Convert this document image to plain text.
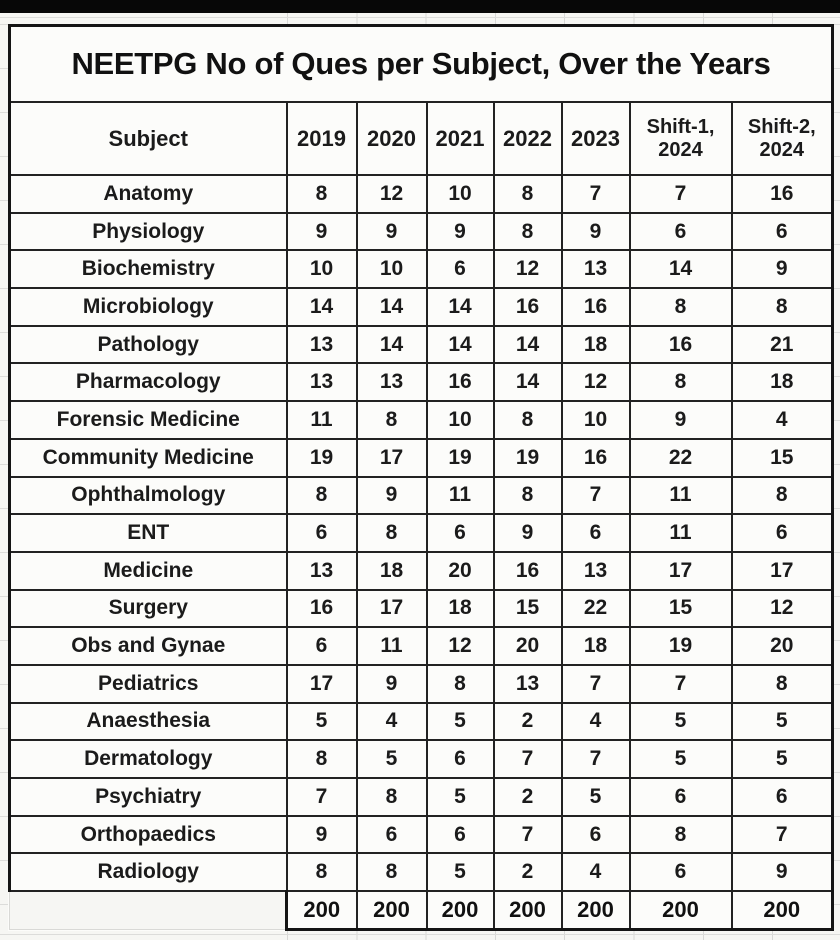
NEETPG No of Ques per Subject, Over the Years							
Subject	2019	2020	2021	2022	2023	Shift-1, 2024	Shift-2, 2024
Anatomy	8	12	10	8	7	7	16
Physiology	9	9	9	8	9	6	6
Biochemistry	10	10	6	12	13	14	9
Microbiology	14	14	14	16	16	8	8
Pathology	13	14	14	14	18	16	21
Pharmacology	13	13	16	14	12	8	18
Forensic Medicine	11	8	10	8	10	9	4
Community Medicine	19	17	19	19	16	22	15
Ophthalmology	8	9	11	8	7	11	8
ENT	6	8	6	9	6	11	6
Medicine	13	18	20	16	13	17	17
Surgery	16	17	18	15	22	15	12
Obs and Gynae	6	11	12	20	18	19	20
Pediatrics	17	9	8	13	7	7	8
Anaesthesia	5	4	5	2	4	5	5
Dermatology	8	5	6	7	7	5	5
Psychiatry	7	8	5	2	5	6	6
Orthopaedics	9	6	6	7	6	8	7
Radiology	8	8	5	2	4	6	9
	200	200	200	200	200	200	200
